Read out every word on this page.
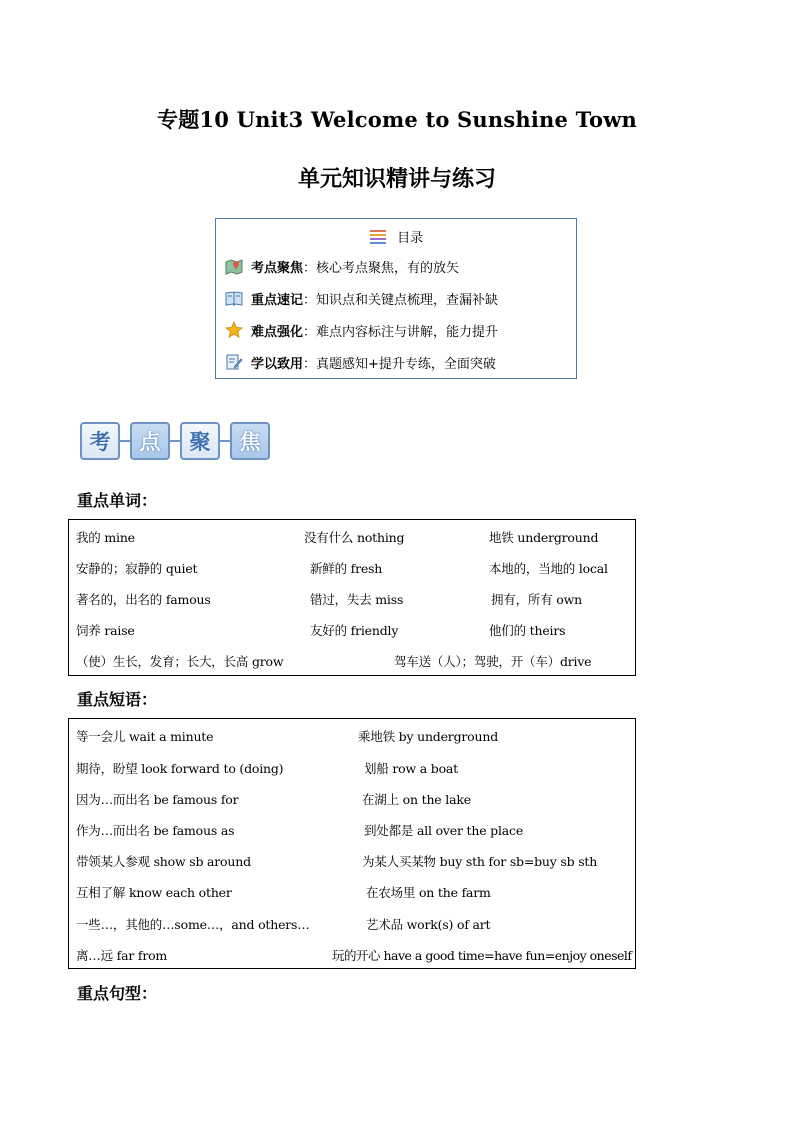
专题10 Unit3 Welcome to Sunshine Town
单元知识精讲与练习
目录
考点聚焦 ：核心考点聚焦，有的放矢
重点速记 ：知识点和关键点梳理，查漏补缺
难点强化 ：难点内容标注与讲解，能力提升
学以致用 ：真题感知+提升专练，全面突破
考	点	聚	焦
重点单词：
我的 mine	没有什么 nothing	地铁 underground
安静的；寂静的 quiet	新鲜的 fresh	本地的，当地的 local
著名的，出名的 famous	错过，失去 miss	拥有，所有 own
饲养 raise	友好的 friendly	他们的 theirs
（使）生长，发育；长大，长高 grow	驾车送（人）；驾驶，开（车）drive
重点短语：
等一会儿 wait a minute	乘地铁 by underground
期待，盼望 look forward to (doing)	划船 row a boat
因为…而出名 be famous for	在湖上 on the lake
作为…而出名 be famous as	到处都是 all over the place
带领某人参观 show sb around	为某人买某物 buy sth for sb=buy sb sth
互相了解 know each other	在农场里 on the farm
一些…，其他的…some…，and others…	艺术品 work(s) of art
离…远 far from	玩的开心 have a good time=have fun=enjoy oneself
重点句型：
